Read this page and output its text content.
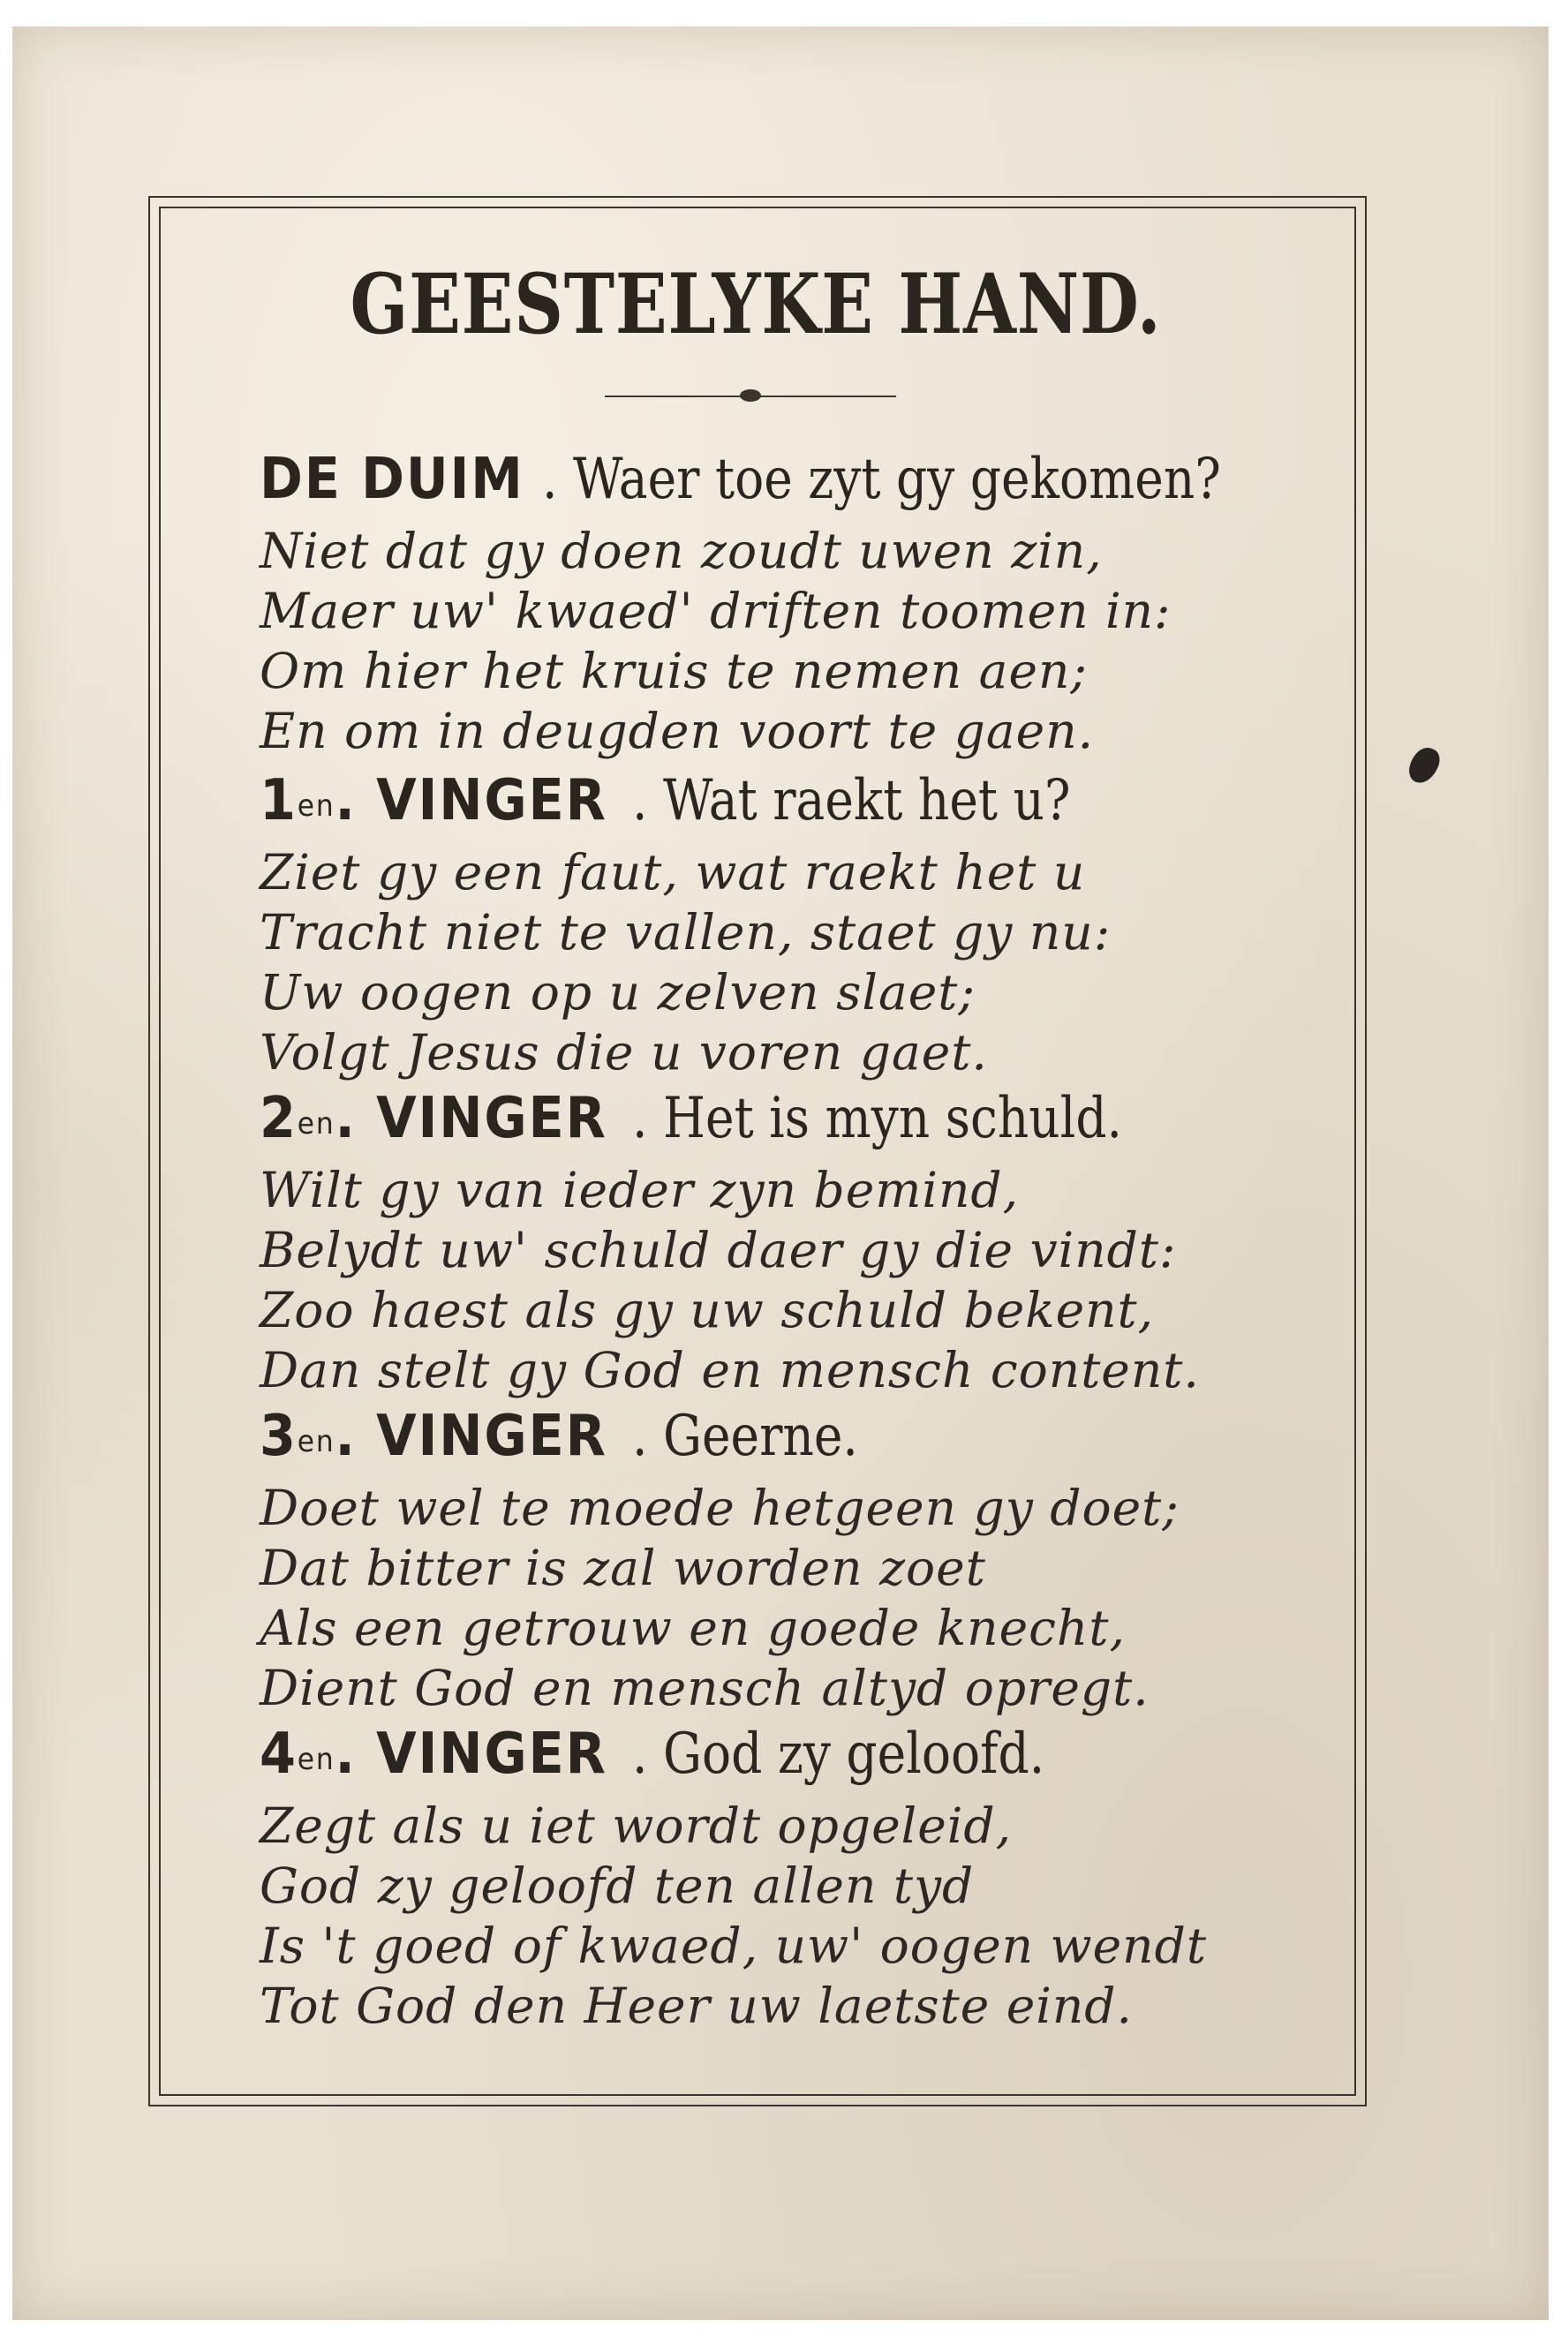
GEESTELYKE HAND.
DE DUIM . Waer toe zyt gy gekomen?
Niet dat gy doen zoudt uwen zin,
Maer uw' kwaed' driften toomen in:
Om hier het kruis te nemen aen;
En om in deugden voort te gaen.
$1^{en}$. VINGER . Wat raekt het u?
Ziet gy een faut, wat raekt het u
Tracht niet te vallen, staet gy nu:
Uw oogen op u zelven slaet;
Volgt Jesus die u voren gaet.
$2^{en}$. VINGER . Het is myn schuld.
Wilt gy van ieder zyn bemind,
Belydt uw' schuld daer gy die vindt:
Zoo haest als gy uw schuld bekent,
Dan stelt gy God en mensch content.
$3^{en}$. VINGER . Geerne.
Doet wel te moede hetgeen gy doet;
Dat bitter is zal worden zoet
Als een getrouw en goede knecht,
Dient God en mensch altyd opregt.
$4^{en}$. VINGER . God zy geloofd.
Zegt als u iet wordt opgeleid,
God zy geloofd ten allen tyd
Is 't goed of kwaed, uw' oogen wendt
Tot God den Heer uw laetste eind.
